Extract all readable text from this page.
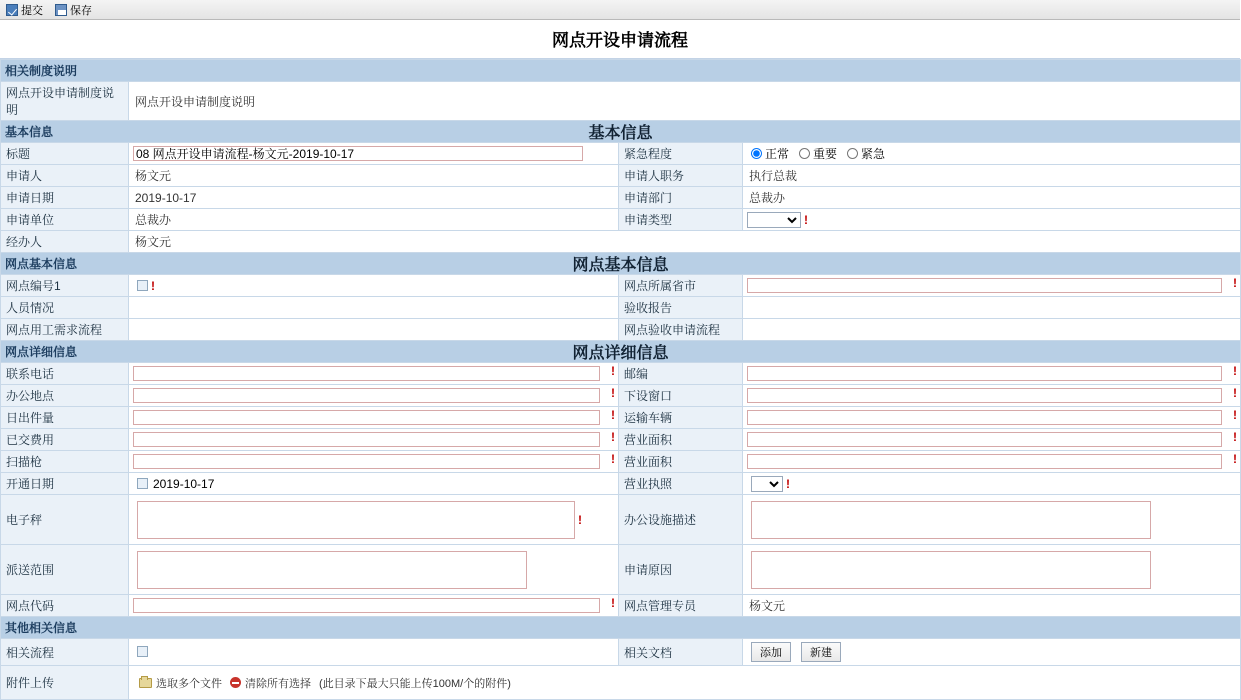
提交 保存
网点开设申请流程
相关制度说明			
网点开设申请制度说明	网点开设申请制度说明		
基本信息 基本信息			

标题	08 网点开设申请流程-杨文元-2019-10-17	紧急程度	正常 重要 紧急

申请人	杨文元	申请人职务	执行总裁
申请日期	2019-10-17	申请部门	总裁办
申请单位	总裁办	申请类型	!

经办人	杨文元		
网点基本信息 网点基本信息			

网点编号1	!	网点所属省市	!

人员情况		验收报告	
网点用工需求流程		网点验收申请流程	
网点详细信息 网点详细信息			

联系电话	!	邮编	!

办公地点	!	下设窗口	!

日出件量	!	运输车辆	!

已交费用	!	营业面积	!

扫描枪	!	营业面积	!

开通日期	2019-10-17	营业执照	!

电子秤	!	办公设施描述	

派送范围		申请原因	

网点代码	!	网点管理专员	杨文元
其他相关信息			
相关流程		相关文档	添加 新建

附件上传	选取多个文件 清除所有选择 (此目录下最大只能上传100M/个的附件)		
